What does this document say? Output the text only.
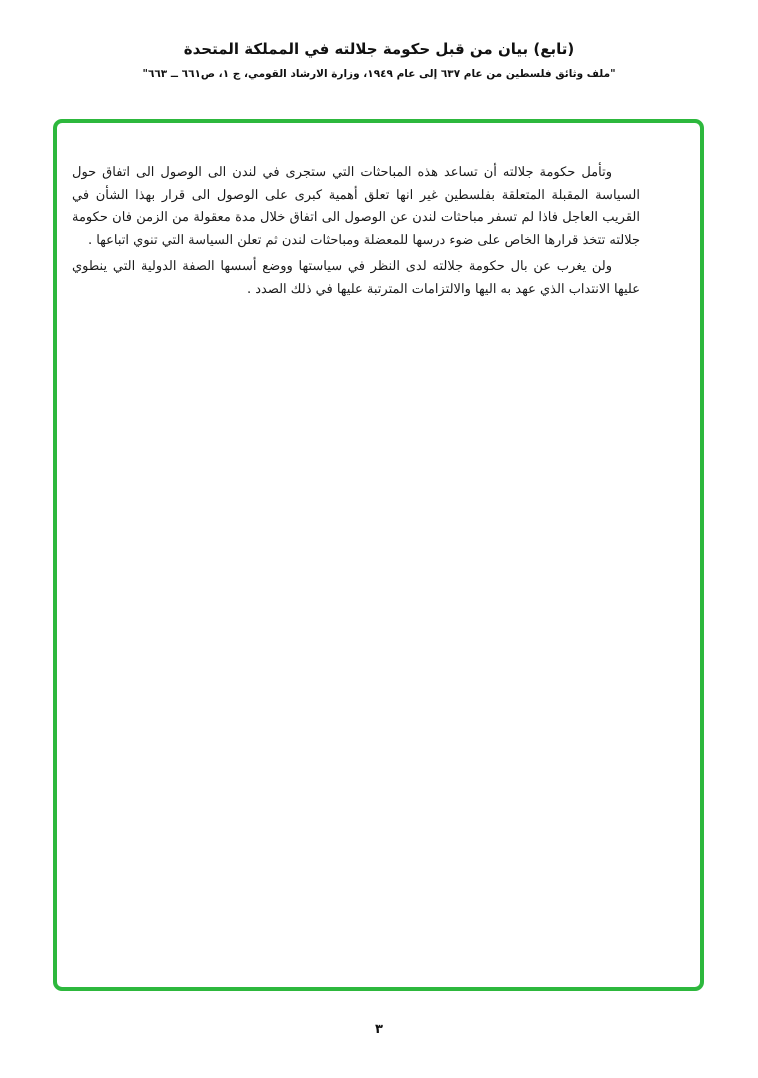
(تابع) بيان من قبل حكومة جلالته في المملكة المتحدة

"ملف وثائق فلسطين من عام ٦٣٧ إلى عام ١٩٤٩، وزارة الارشاد القومي، ج ١، ص٦٦١ ــ ٦٦٣"

وتأمل حكومة جلالته أن تساعد هذه المباحثات التي ستجرى في لندن الى الوصول الى اتفاق حول السياسة المقبلة المتعلقة بفلسطين غير انها تعلق أهمية كبرى على الوصول الى قرار بهذا الشأن في القريب العاجل فاذا لم تسفر مباحثات لندن عن الوصول الى اتفاق خلال مدة معقولة من الزمن فان حكومة جلالته تتخذ قرارها الخاص على ضوء درسها للمعضلة ومباحثات لندن ثم تعلن السياسة التي تنوي اتباعها .

ولن يغرب عن بال حكومة جلالته لدى النظر في سياستها ووضع أسسها الصفة الدولية التي ينطوي عليها الانتداب الذي عهد به اليها والالتزامات المترتبة عليها في ذلك الصدد .

٣
